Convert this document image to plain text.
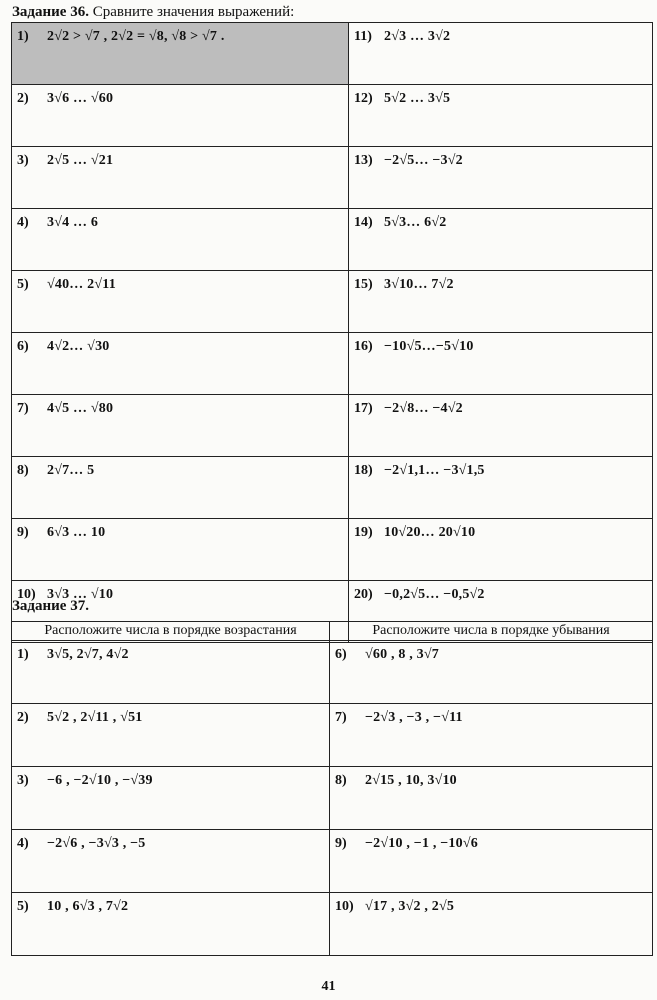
Задание 36. Сравните значения выражений:
1) 2√2 > √7 , 2√2 = √8, √8 > √7 .	11) 2√3 … 3√2
2) 3√6 … √60	12) 5√2 … 3√5
3) 2√5 … √21	13) −2√5… −3√2
4) 3√4 … 6	14) 5√3… 6√2
5) √40… 2√11	15) 3√10… 7√2
6) 4√2… √30	16) −10√5…−5√10
7) 4√5 … √80	17) −2√8… −4√2
8) 2√7… 5	18) −2√1,1… −3√1,5
9) 6√3 … 10	19) 10√20… 20√10
10) 3√3 … √10	20) −0,2√5… −0,5√2
Задание 37.
Расположите числа в порядке возрастания	Расположите числа в порядке убывания
1) 3√5, 2√7, 4√2	6) √60 , 8 , 3√7
2) 5√2 , 2√11 , √51	7) −2√3 , −3 , −√11
3) −6 , −2√10 , −√39	8) 2√15 , 10, 3√10
4) −2√6 , −3√3 , −5	9) −2√10 , −1 , −10√6
5) 10 , 6√3 , 7√2	10) √17 , 3√2 , 2√5
41
